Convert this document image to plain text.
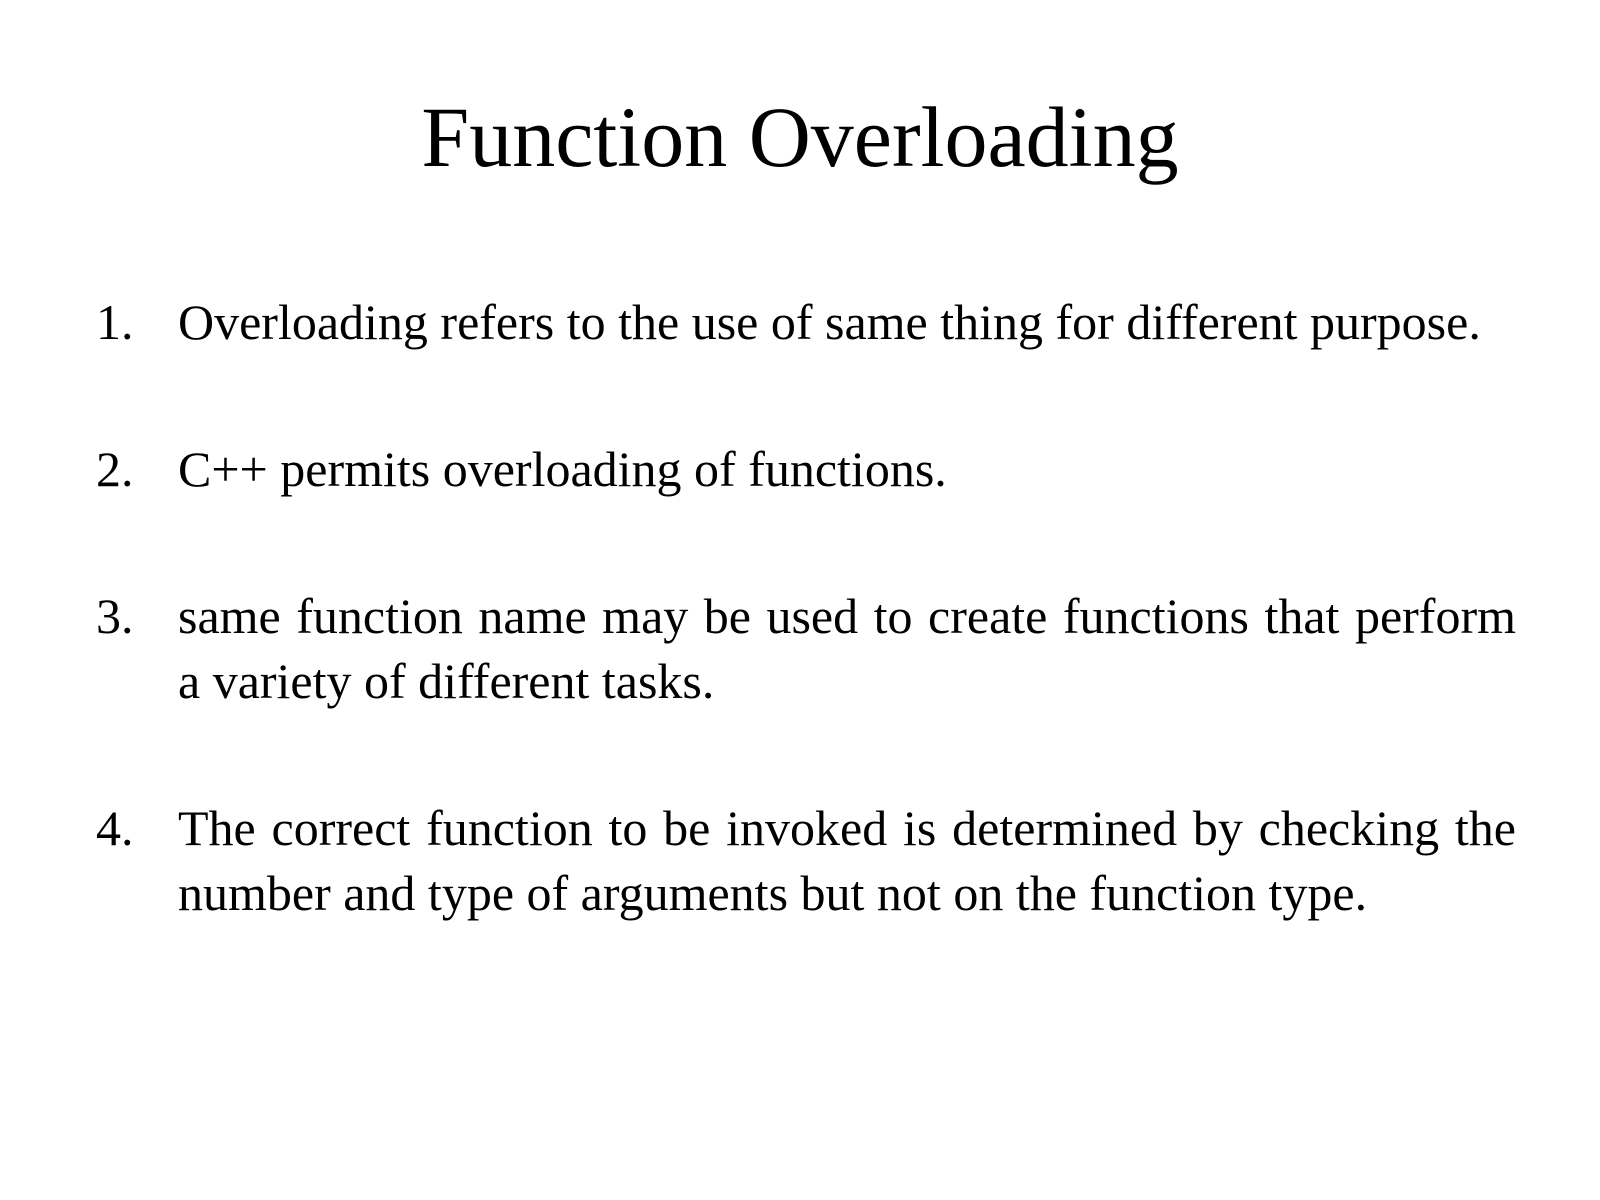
Function Overloading
1. Overloading refers to the use of same thing for different purpose.
2. C++ permits overloading of functions.
3. same function name may be used to create functions that perform a variety of different tasks.
4. The correct function to be invoked is determined by checking the number and type of arguments but not on the function type.
